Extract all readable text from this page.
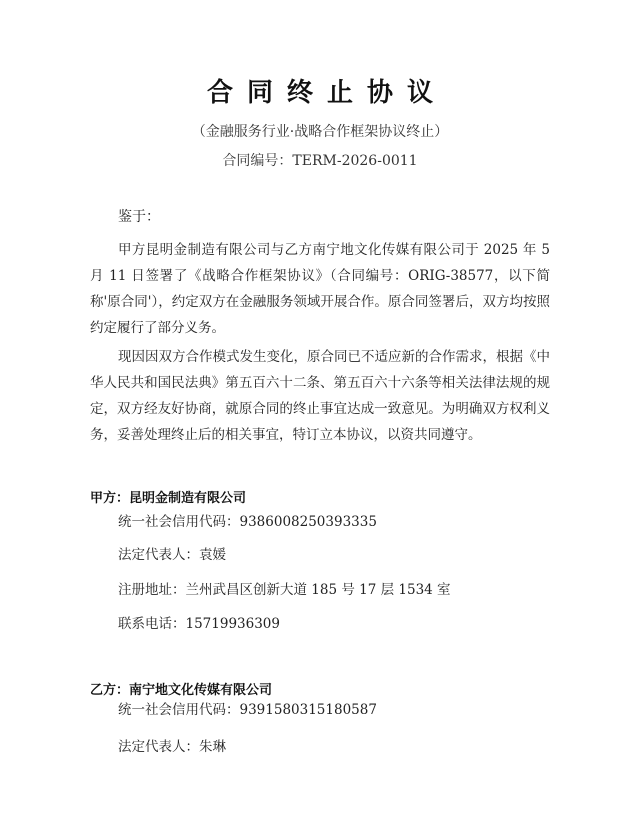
合同终止协议
（金融服务行业·战略合作框架协议终止）
合同编号：TERM-2026-0011
鉴于：
甲方昆明金制造有限公司与乙方南宁地文化传媒有限公司于 2025 年 5 月 11 日签署了《战略合作框架协议》（合同编号：ORIG-38577，以下简称'原合同'），约定双方在金融服务领域开展合作。原合同签署后，双方均按照约定履行了部分义务。
现因因双方合作模式发生变化，原合同已不适应新的合作需求，根据《中华人民共和国民法典》第五百六十二条、第五百六十六条等相关法律法规的规定，双方经友好协商，就原合同的终止事宜达成一致意见。为明确双方权利义务，妥善处理终止后的相关事宜，特订立本协议，以资共同遵守。
甲方：昆明金制造有限公司
统一社会信用代码：9386008250393335
法定代表人：袁媛
注册地址：兰州武昌区创新大道 185 号 17 层 1534 室
联系电话：15719936309
乙方：南宁地文化传媒有限公司
统一社会信用代码：9391580315180587
法定代表人：朱琳
